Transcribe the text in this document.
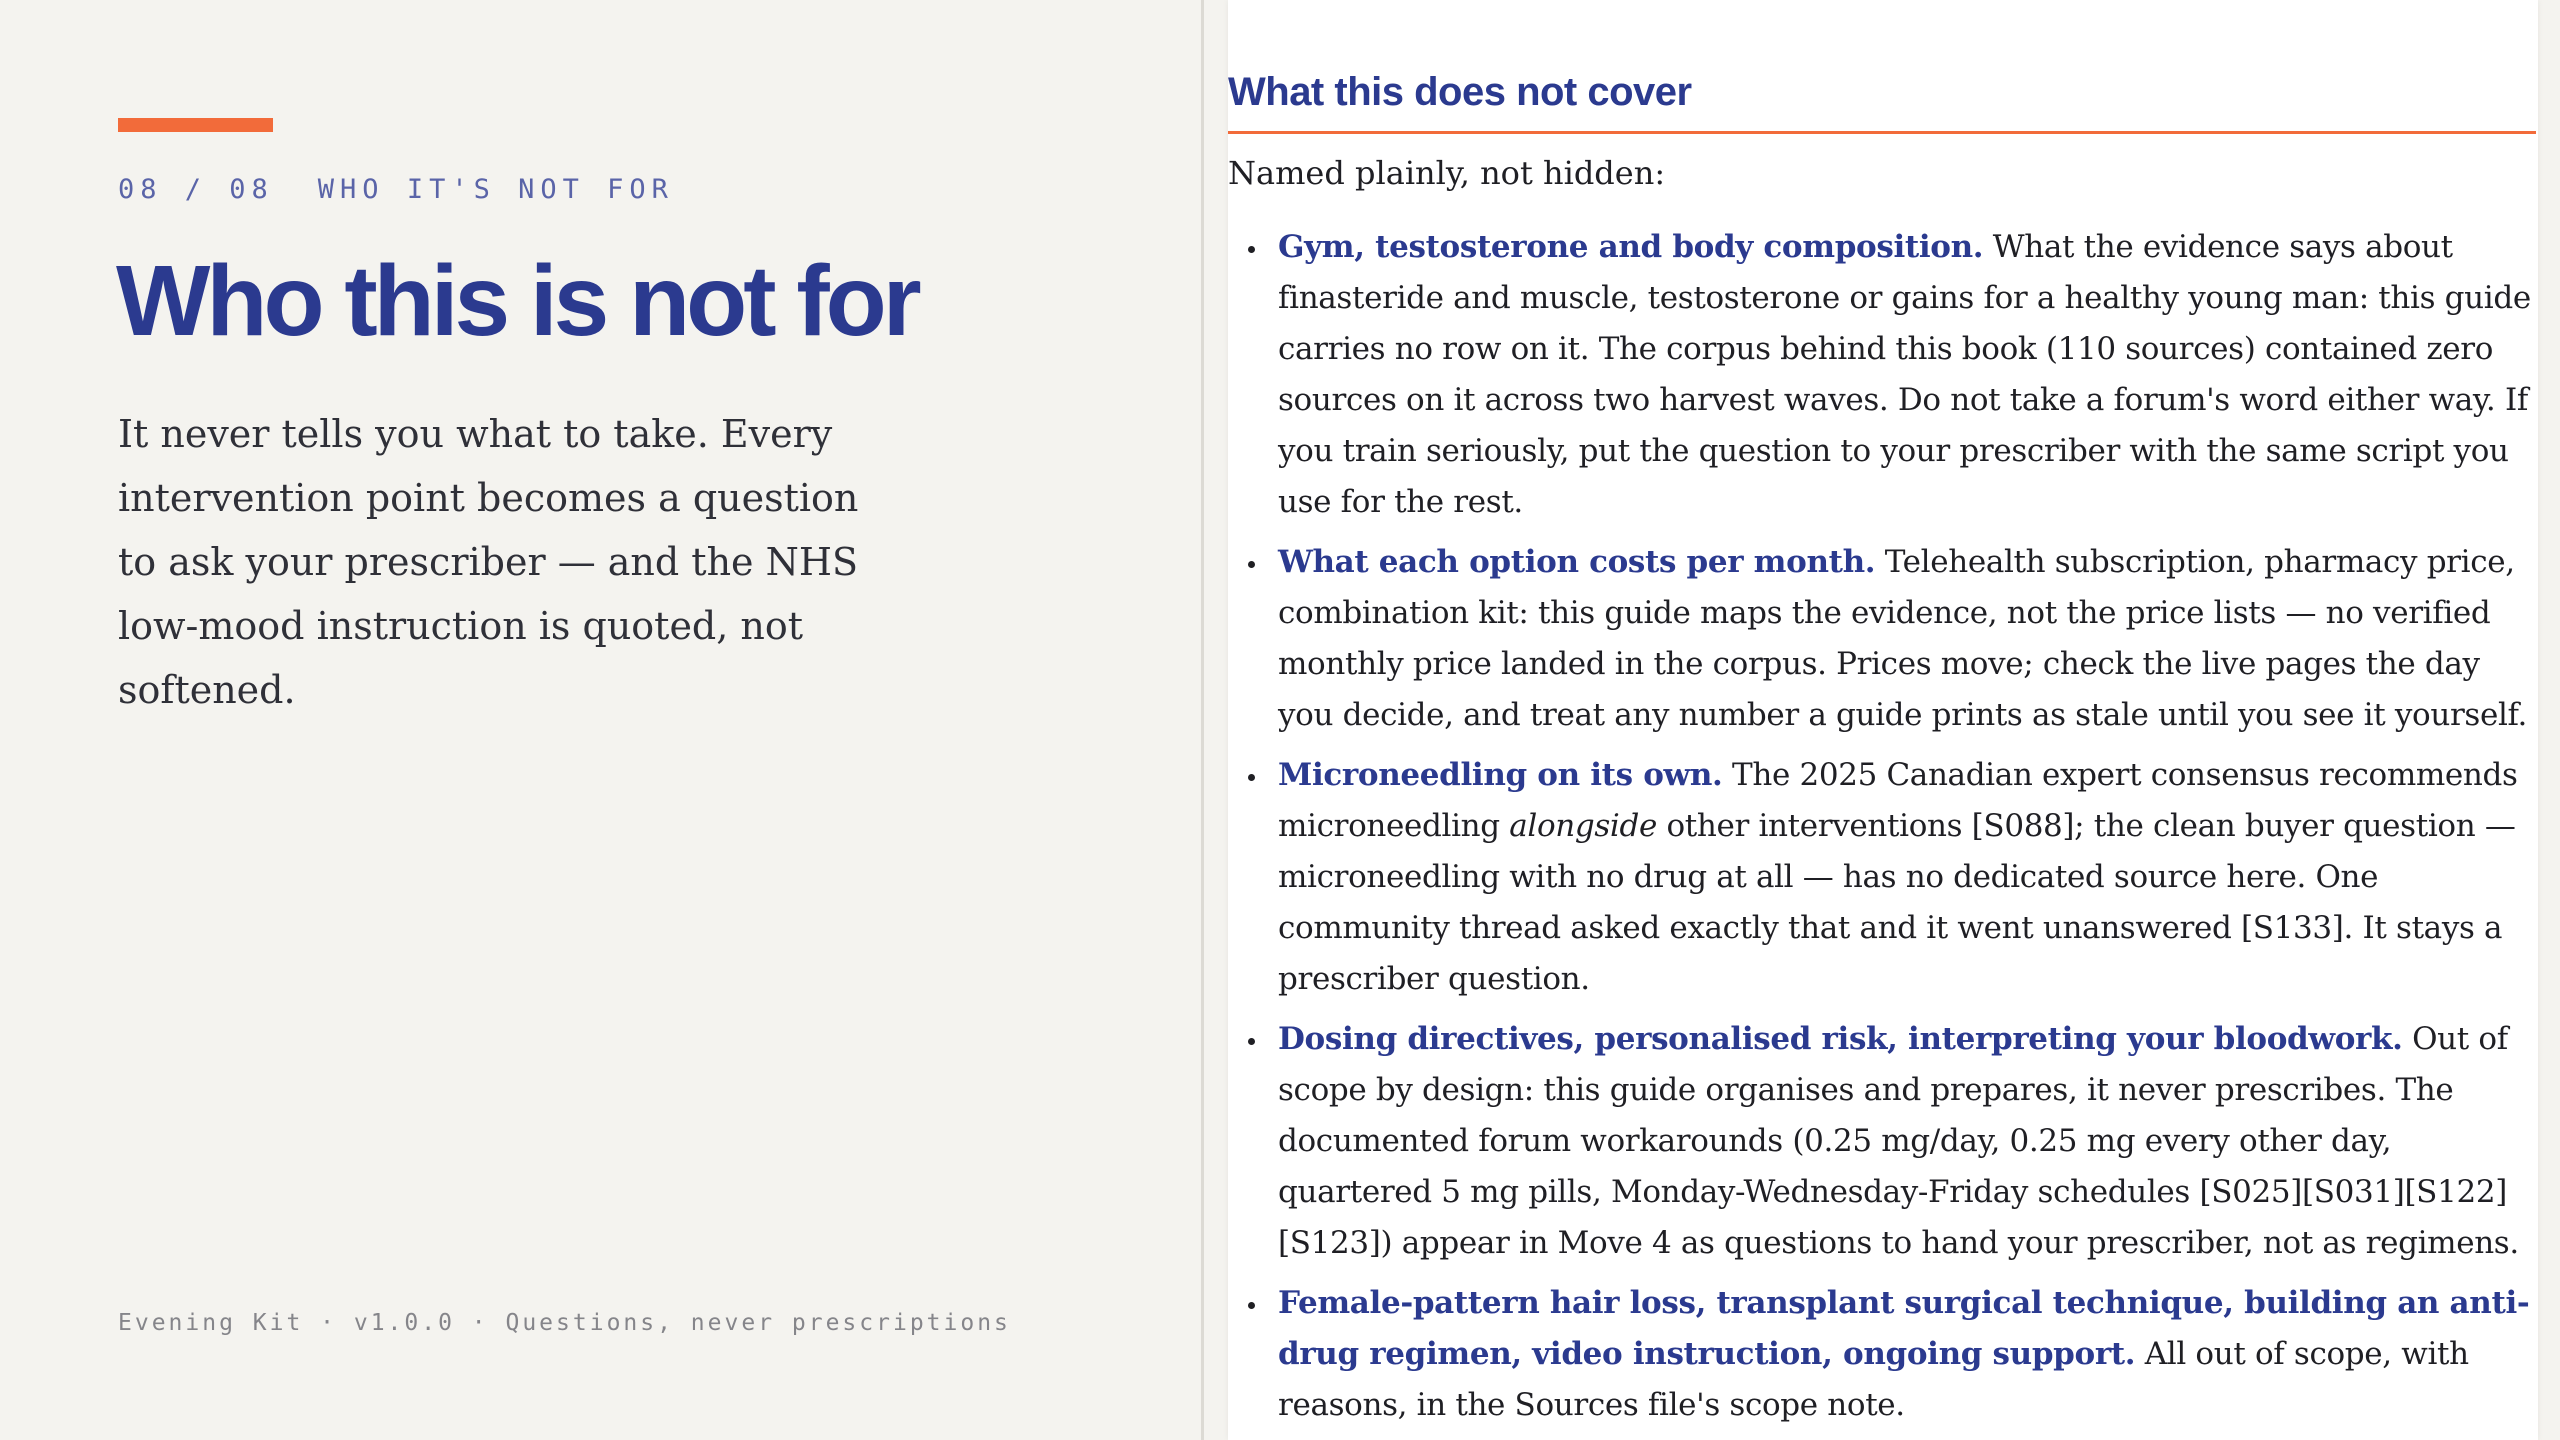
08 / 08 WHO IT'S NOT FOR
Who this is not for

It never tells you what to take. Every intervention point becomes a question to ask your prescriber — and the NHS low-mood instruction is quoted, not softened.

Evening Kit · v1.0.0 · Questions, never prescriptions
What this does not cover

Named plainly, not hidden:

Gym, testosterone and body composition. What the evidence says about finasteride and muscle, testosterone or gains for a healthy young man: this guide carries no row on it. The corpus behind this book (110 sources) contained zero sources on it across two harvest waves. Do not take a forum's word either way. If you train seriously, put the question to your prescriber with the same script you use for the rest.
What each option costs per month. Telehealth subscription, pharmacy price, combination kit: this guide maps the evidence, not the price lists — no verified monthly price landed in the corpus. Prices move; check the live pages the day you decide, and treat any number a guide prints as stale until you see it yourself.
Microneedling on its own. The 2025 Canadian expert consensus recommends microneedling alongside other interventions [S088]; the clean buyer question — microneedling with no drug at all — has no dedicated source here. One community thread asked exactly that and it went unanswered [S133]. It stays a prescriber question.
Dosing directives, personalised risk, interpreting your bloodwork. Out of scope by design: this guide organises and prepares, it never prescribes. The documented forum workarounds (0.25 mg/day, 0.25 mg every other day, quartered 5 mg pills, Monday-Wednesday-Friday schedules [S025][S031][S122][S123]) appear in Move 4 as questions to hand your prescriber, not as regimens.
Female-pattern hair loss, transplant surgical technique, building an anti-drug regimen, video instruction, ongoing support. All out of scope, with reasons, in the Sources file's scope note.
